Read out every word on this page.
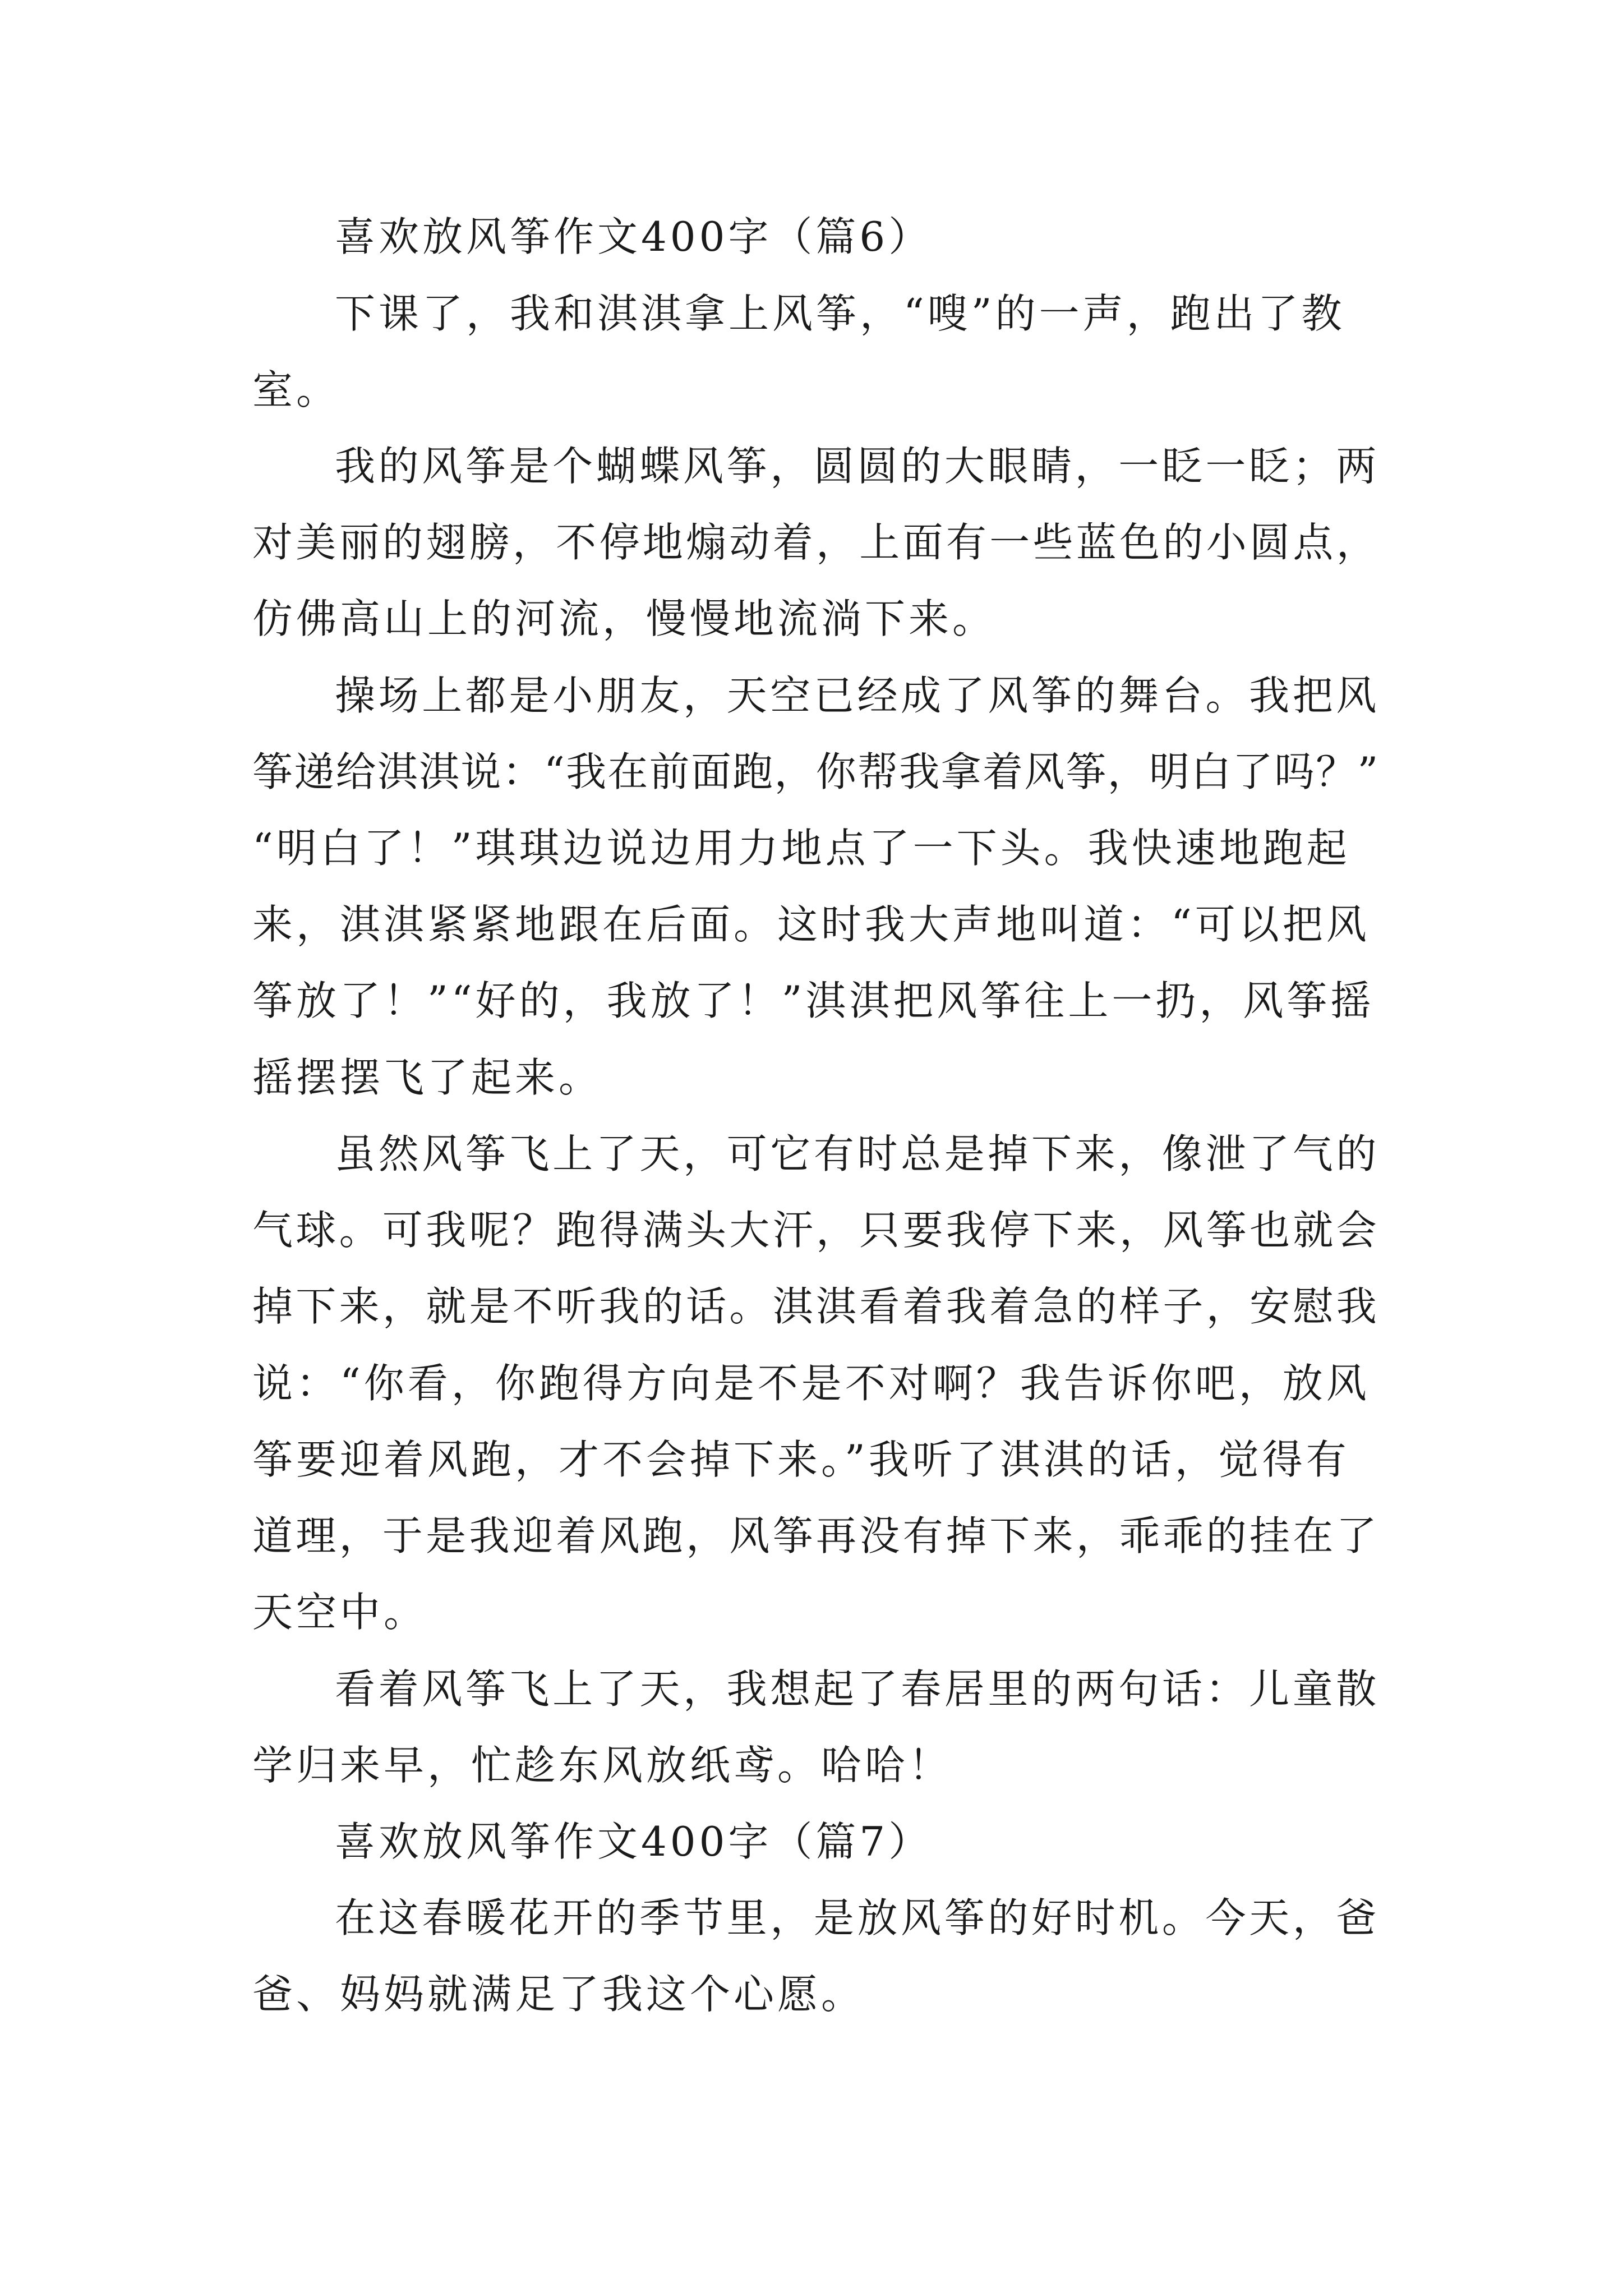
喜欢放风筝作文400字（篇6）
下课了，我和淇淇拿上风筝，“嗖”的一声，跑出了教
室。
我的风筝是个蝴蝶风筝，圆圆的大眼睛，一眨一眨；两
对美丽的翅膀，不停地煽动着，上面有一些蓝色的小圆点，
仿佛高山上的河流，慢慢地流淌下来。
操场上都是小朋友，天空已经成了风筝的舞台。我把风
筝递给淇淇说：“我在前面跑，你帮我拿着风筝，明白了吗？”
“明白了！”琪琪边说边用力地点了一下头。我快速地跑起
来，淇淇紧紧地跟在后面。这时我大声地叫道：“可以把风
筝放了！”“好的，我放了！”淇淇把风筝往上一扔，风筝摇
摇摆摆飞了起来。
虽然风筝飞上了天，可它有时总是掉下来，像泄了气的
气球。可我呢？跑得满头大汗，只要我停下来，风筝也就会
掉下来，就是不听我的话。淇淇看着我着急的样子，安慰我
说：“你看，你跑得方向是不是不对啊？我告诉你吧，放风
筝要迎着风跑，才不会掉下来。”我听了淇淇的话，觉得有
道理，于是我迎着风跑，风筝再没有掉下来，乖乖的挂在了
天空中。
看着风筝飞上了天，我想起了春居里的两句话：儿童散
学归来早，忙趁东风放纸鸢。哈哈！
喜欢放风筝作文400字（篇7）
在这春暖花开的季节里，是放风筝的好时机。今天，爸
爸、妈妈就满足了我这个心愿。
